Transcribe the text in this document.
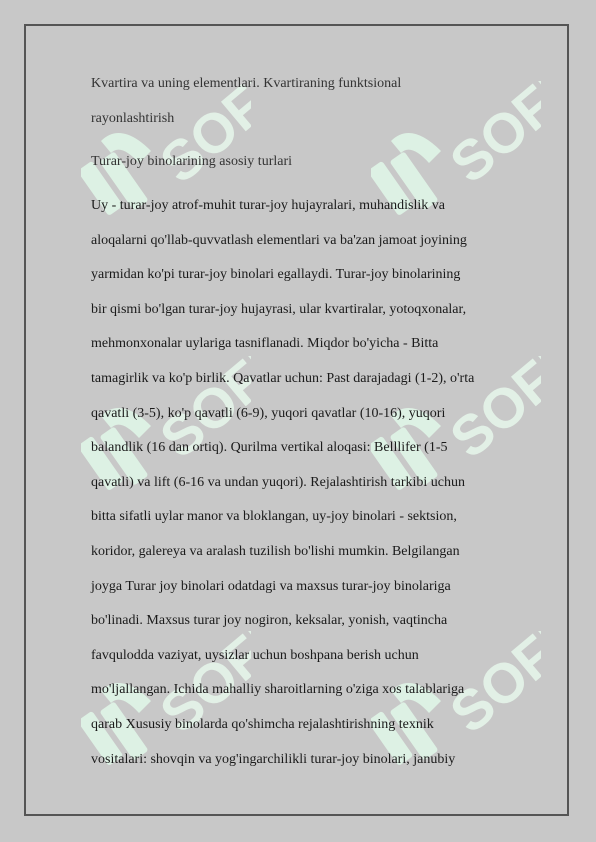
SOFF SOFF
SOFF SOFF
SOFF SOFF

Kvartira va uning elementlari. Kvartiraning funktsional

rayonlashtirish

Turar-joy binolarining asosiy turlari

Uy - turar-joy atrof-muhit turar-joy hujayralari, muhandislik va

aloqalarni qo'llab-quvvatlash elementlari va ba'zan jamoat joyining

yarmidan ko'pi turar-joy binolari egallaydi. Turar-joy binolarining

bir qismi bo'lgan turar-joy hujayrasi, ular kvartiralar, yotoqxonalar,

mehmonxonalar uylariga tasniflanadi. Miqdor bo'yicha - Bitta

tamagirlik va ko'p birlik. Qavatlar uchun: Past darajadagi (1-2), o'rta

qavatli (3-5), ko'p qavatli (6-9), yuqori qavatlar (10-16), yuqori

balandlik (16 dan ortiq). Qurilma vertikal aloqasi: Belllifer (1-5

qavatli) va lift (6-16 va undan yuqori). Rejalashtirish tarkibi uchun

bitta sifatli uylar manor va bloklangan, uy-joy binolari - sektsion,

koridor, galereya va aralash tuzilish bo'lishi mumkin. Belgilangan

joyga Turar joy binolari odatdagi va maxsus turar-joy binolariga

bo'linadi. Maxsus turar joy nogiron, keksalar, yonish, vaqtincha

favqulodda vaziyat, uysizlar uchun boshpana berish uchun

mo'ljallangan. Ichida mahalliy sharoitlarning o'ziga xos talablariga

qarab Xususiy binolarda qo'shimcha rejalashtirishning texnik

vositalari: shovqin va yog'ingarchilikli turar-joy binolari, janubiy
